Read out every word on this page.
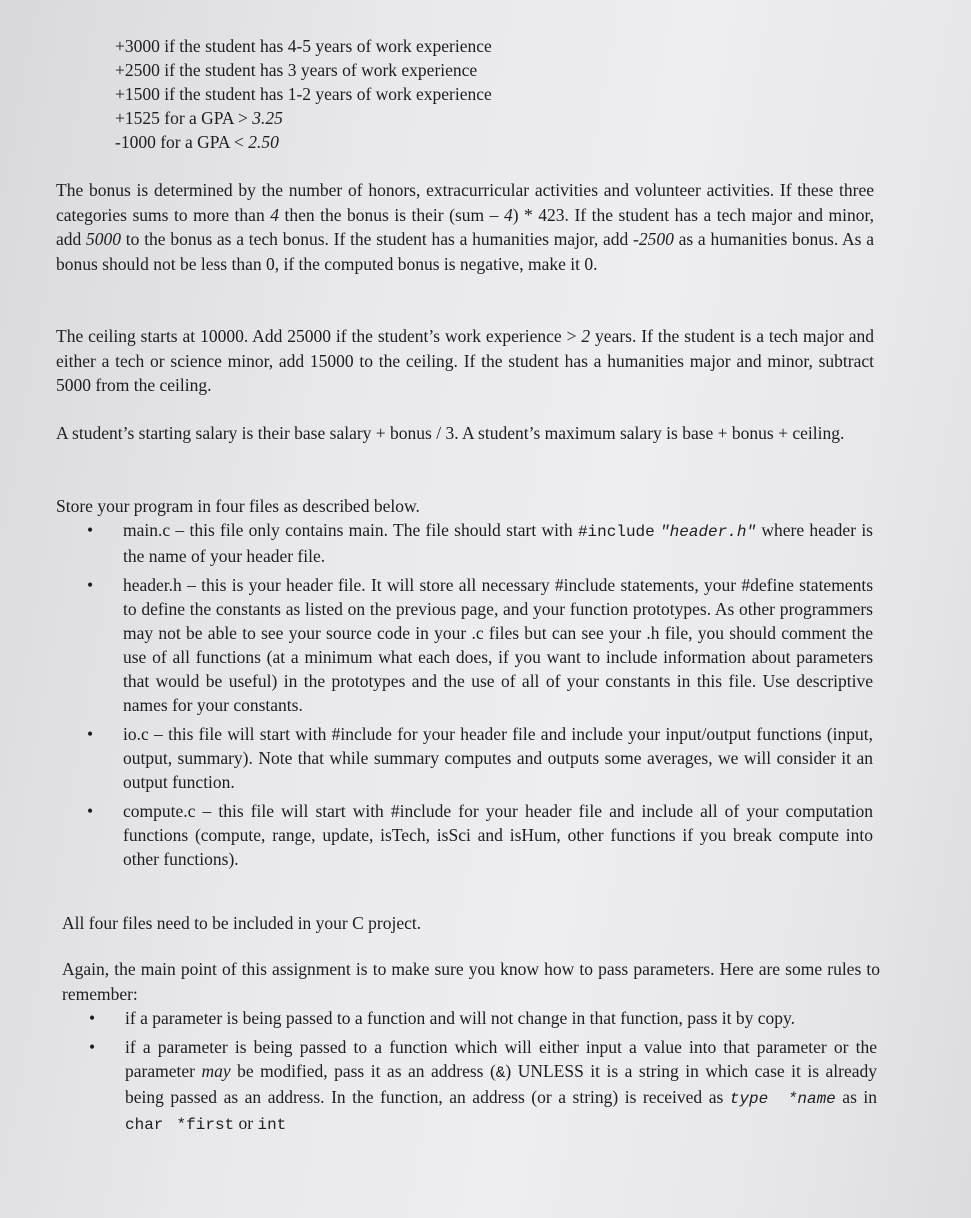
+3000 if the student has 4-5 years of work experience
+2500 if the student has 3 years of work experience
+1500 if the student has 1-2 years of work experience
+1525 for a GPA > 3.25
-1000 for a GPA < 2.50

The bonus is determined by the number of honors, extracurricular activities and volunteer activities. If these three categories sums to more than 4 then the bonus is their (sum – 4) * 423. If the student has a tech major and minor, add 5000 to the bonus as a tech bonus. If the student has a humanities major, add -2500 as a humanities bonus. As a bonus should not be less than 0, if the computed bonus is negative, make it 0.

The ceiling starts at 10000. Add 25000 if the student’s work experience > 2 years. If the student is a tech major and either a tech or science minor, add 15000 to the ceiling. If the student has a humanities major and minor, subtract 5000 from the ceiling.

A student’s starting salary is their base salary + bonus / 3. A student’s maximum salary is base + bonus + ceiling.

Store your program in four files as described below.

• main.c – this file only contains main. The file should start with #include "header.h" where header is the name of your header file.
• header.h – this is your header file. It will store all necessary #include statements, your #define statements to define the constants as listed on the previous page, and your function prototypes. As other programmers may not be able to see your source code in your .c files but can see your .h file, you should comment the use of all functions (at a minimum what each does, if you want to include information about parameters that would be useful) in the prototypes and the use of all of your constants in this file. Use descriptive names for your constants.
• io.c – this file will start with #include for your header file and include your input/output functions (input, output, summary). Note that while summary computes and outputs some averages, we will consider it an output function.
• compute.c – this file will start with #include for your header file and include all of your computation functions (compute, range, update, isTech, isSci and isHum, other functions if you break compute into other functions).

All four files need to be included in your C project.

Again, the main point of this assignment is to make sure you know how to pass parameters. Here are some rules to remember:

• if a parameter is being passed to a function and will not change in that function, pass it by copy.
• if a parameter is being passed to a function which will either input a value into that parameter or the parameter may be modified, pass it as an address (&) UNLESS it is a string in which case it is already being passed as an address. In the function, an address (or a string) is received as type *name as in char *first or int
